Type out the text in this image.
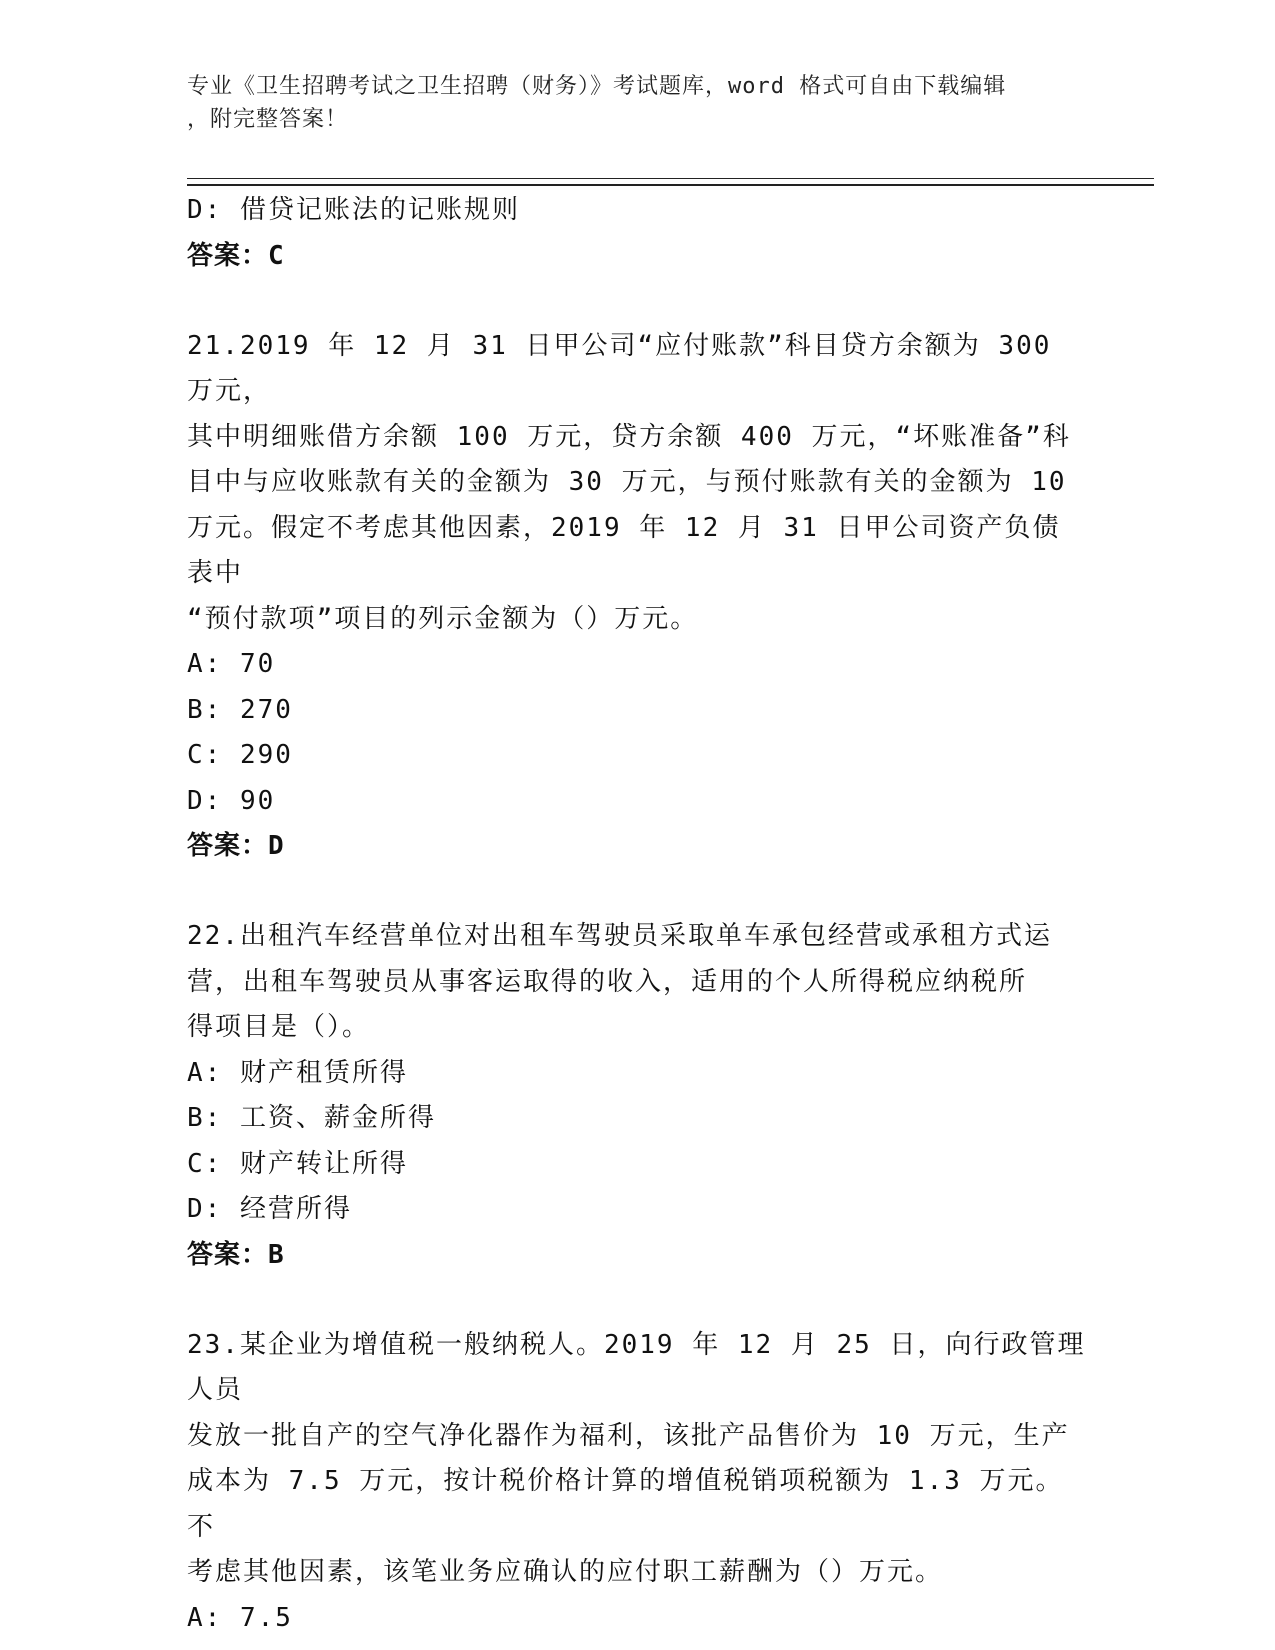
专业《卫生招聘考试之卫生招聘（财务）》考试题库，word 格式可自由下载编辑
，附完整答案！
D: 借贷记账法的记账规则
答案：C
21.2019 年 12 月 31 日甲公司“应付账款”科目贷方余额为 300 万元，
其中明细账借方余额 100 万元，贷方余额 400 万元，“坏账准备”科
目中与应收账款有关的金额为 30 万元，与预付账款有关的金额为 10
万元。假定不考虑其他因素，2019 年 12 月 31 日甲公司资产负债表中
“预付款项”项目的列示金额为（）万元。
A: 70
B: 270
C: 290
D: 90
答案：D
22.出租汽车经营单位对出租车驾驶员采取单车承包经营或承租方式运
营，出租车驾驶员从事客运取得的收入，适用的个人所得税应纳税所
得项目是（）。
A: 财产租赁所得
B: 工资、薪金所得
C: 财产转让所得
D: 经营所得
答案：B
23.某企业为增值税一般纳税人。2019 年 12 月 25 日，向行政管理人员
发放一批自产的空气净化器作为福利，该批产品售价为 10 万元，生产
成本为 7.5 万元，按计税价格计算的增值税销项税额为 1.3 万元。不
考虑其他因素，该笔业务应确认的应付职工薪酬为（）万元。
A: 7.5
